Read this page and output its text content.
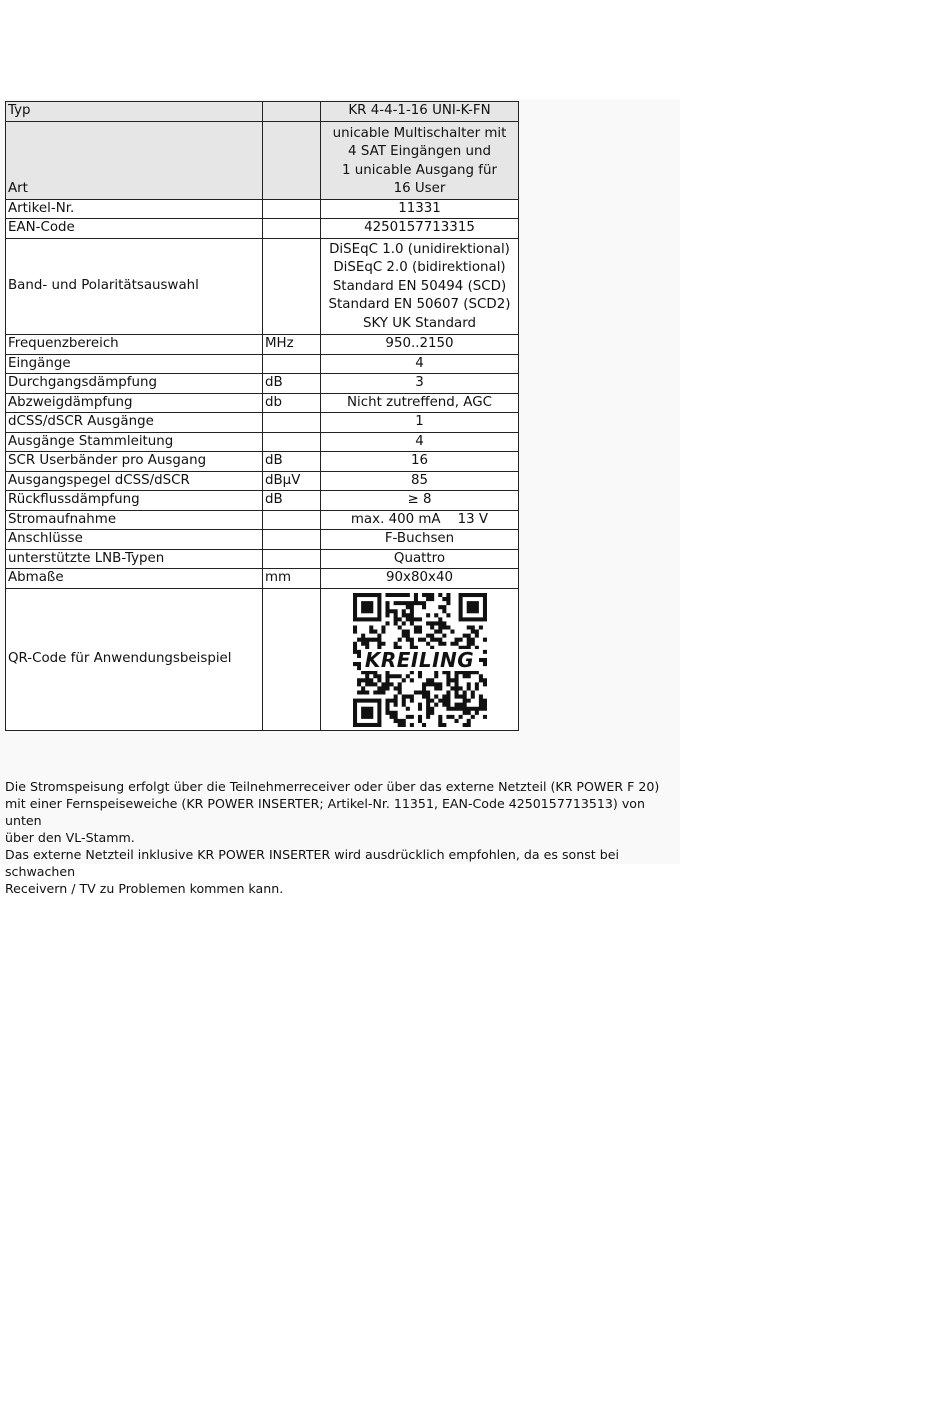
Typ		KR 4-4-1-16 UNI-K-FN

Art		unicable Multischalter mit
4 SAT Eingängen und
1 unicable Ausgang für
16 User

Artikel-Nr.		11331

EAN-Code		4250157713315

Band- und Polaritätsauswahl		DiSEqC 1.0 (unidirektional)
DiSEqC 2.0 (bidirektional)
Standard EN 50494 (SCD)
Standard EN 50607 (SCD2)
SKY UK Standard

Frequenzbereich	MHz	950..2150

Eingänge		4

Durchgangsdämpfung	dB	3

Abzweigdämpfung	db	Nicht zutreffend, AGC

dCSS/dSCR Ausgänge		1

Ausgänge Stammleitung		4

SCR Userbänder pro Ausgang	dB	16

Ausgangspegel dCSS/dSCR	dBμV	85

Rückflussdämpfung	dB	≥ 8

Stromaufnahme		max. 400 mA    13 V

Anschlüsse		F-Buchsen

unterstützte LNB-Typen		Quattro

Abmaße	mm	90x80x40

QR-Code für Anwendungsbeispiel		KREILING
Die Stromspeisung erfolgt über die Teilnehmerreceiver oder über das externe Netzteil (KR POWER F 20)
mit einer Fernspeiseweiche (KR POWER INSERTER; Artikel-Nr. 11351, EAN-Code 4250157713513) von unten
über den VL-Stamm.
Das externe Netzteil inklusive KR POWER INSERTER wird ausdrücklich empfohlen, da es sonst bei schwachen
Receivern / TV zu Problemen kommen kann.
